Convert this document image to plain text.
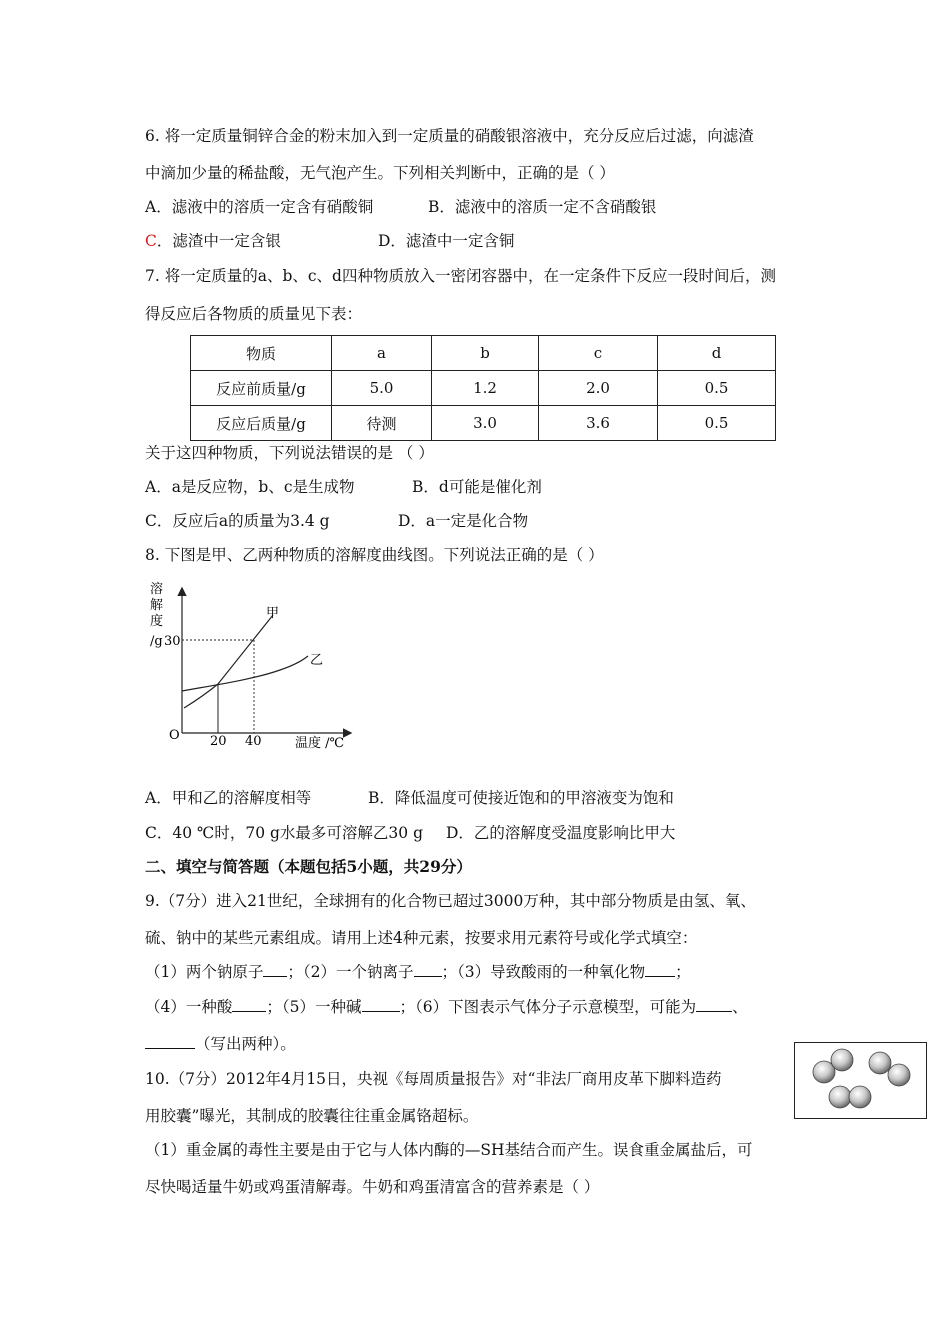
6. 将一定质量铜锌合金的粉末加入到一定质量的硝酸银溶液中，充分反应后过滤，向滤渣
中滴加少量的稀盐酸，无气泡产生。下列相关判断中，正确的是（ ）
A．滤液中的溶质一定含有硝酸铜	B．滤液中的溶质一定不含硝酸银
C．滤渣中一定含银	D．滤渣中一定含铜
7. 将一定质量的a、b、c、d四种物质放入一密闭容器中，在一定条件下反应一段时间后，测
得反应后各物质的质量见下表：
物质	a	b	c	d
反应前质量/g	5.0	1.2	2.0	0.5
反应后质量/g	待测	3.0	3.6	0.5
关于这四种物质，下列说法错误的是 （ ）
A．a是反应物，b、c是生成物	B．d可能是催化剂
C．反应后a的质量为3.4 g	D．a一定是化合物
8. 下图是甲、乙两种物质的溶解度曲线图。下列说法正确的是（ ）
溶
解
度
/g 30
甲
乙
O 20 40	温度 /℃
A．甲和乙的溶解度相等	B．降低温度可使接近饱和的甲溶液变为饱和
C．40 ℃时，70 g水最多可溶解乙30 g D．乙的溶解度受温度影响比甲大
二、填空与简答题（本题包括5小题，共29分）
9.（7分）进入21世纪，全球拥有的化合物已超过3000万种，其中部分物质是由氢、氧、
硫、钠中的某些元素组成。请用上述4种元素，按要求用元素符号或化学式填空：
（1）两个钠原子 ；（2）一个钠离子 ；（3）导致酸雨的一种氧化物 ；
（4）一种酸 ；（5）一种碱 ；（6）下图表示气体分子示意模型，可能为 、
（写出两种）。
10.（7分）2012年4月15日，央视《每周质量报告》对“非法厂商用皮革下脚料造药
用胶囊”曝光，其制成的胶囊往往重金属铬超标。
（1）重金属的毒性主要是由于它与人体内酶的—SH基结合而产生。误食重金属盐后，可
尽快喝适量牛奶或鸡蛋清解毒。牛奶和鸡蛋清富含的营养素是（ ）
